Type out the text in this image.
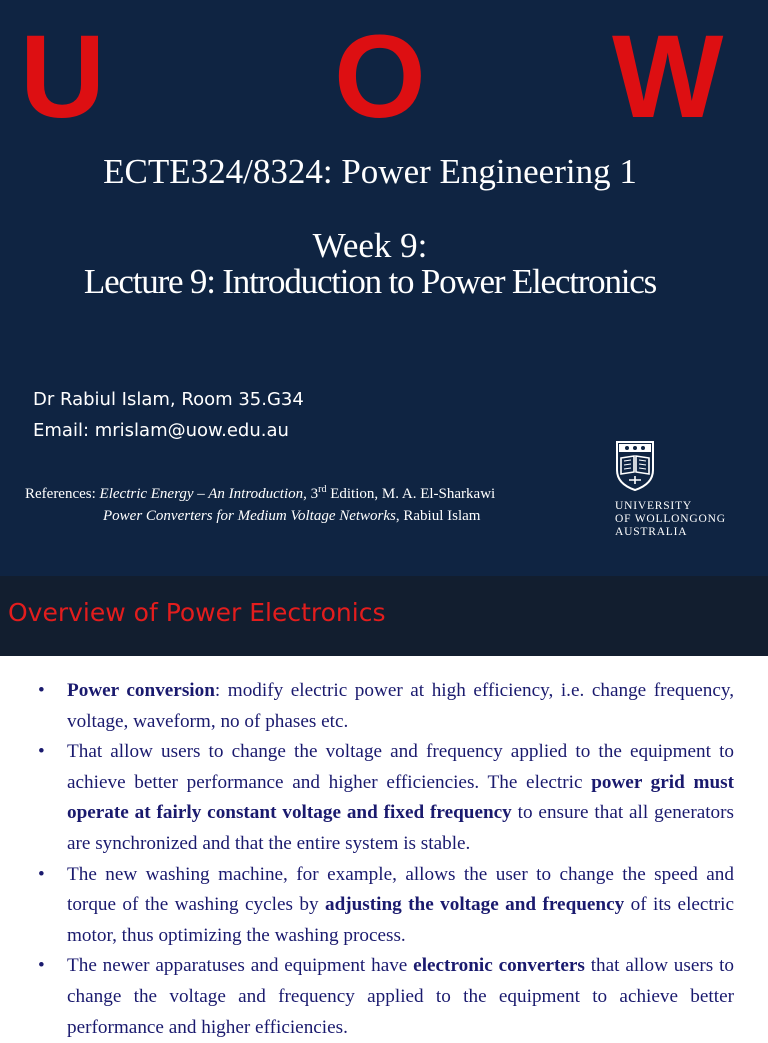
U O W
ECTE324/8324: Power Engineering 1
Week 9:
Lecture 9: Introduction to Power Electronics
Dr Rabiul Islam, Room 35.G34
Email: mrislam@uow.edu.au
References: Electric Energy – An Introduction, 3rd Edition, M. A. El-Sharkawi
Power Converters for Medium Voltage Networks, Rabiul Islam
UNIVERSITY
OF WOLLONGONG
AUSTRALIA
Overview of Power Electronics
• Power conversion: modify electric power at high efficiency, i.e. change frequency, voltage, waveform, no of phases etc.
• That allow users to change the voltage and frequency applied to the equipment to achieve better performance and higher efficiencies. The electric power grid must operate at fairly constant voltage and fixed frequency to ensure that all generators are synchronized and that the entire system is stable.
• The new washing machine, for example, allows the user to change the speed and torque of the washing cycles by adjusting the voltage and frequency of its electric motor, thus optimizing the washing process.
• The newer apparatuses and equipment have electronic converters that allow users to change the voltage and frequency applied to the equipment to achieve better performance and higher efficiencies.
